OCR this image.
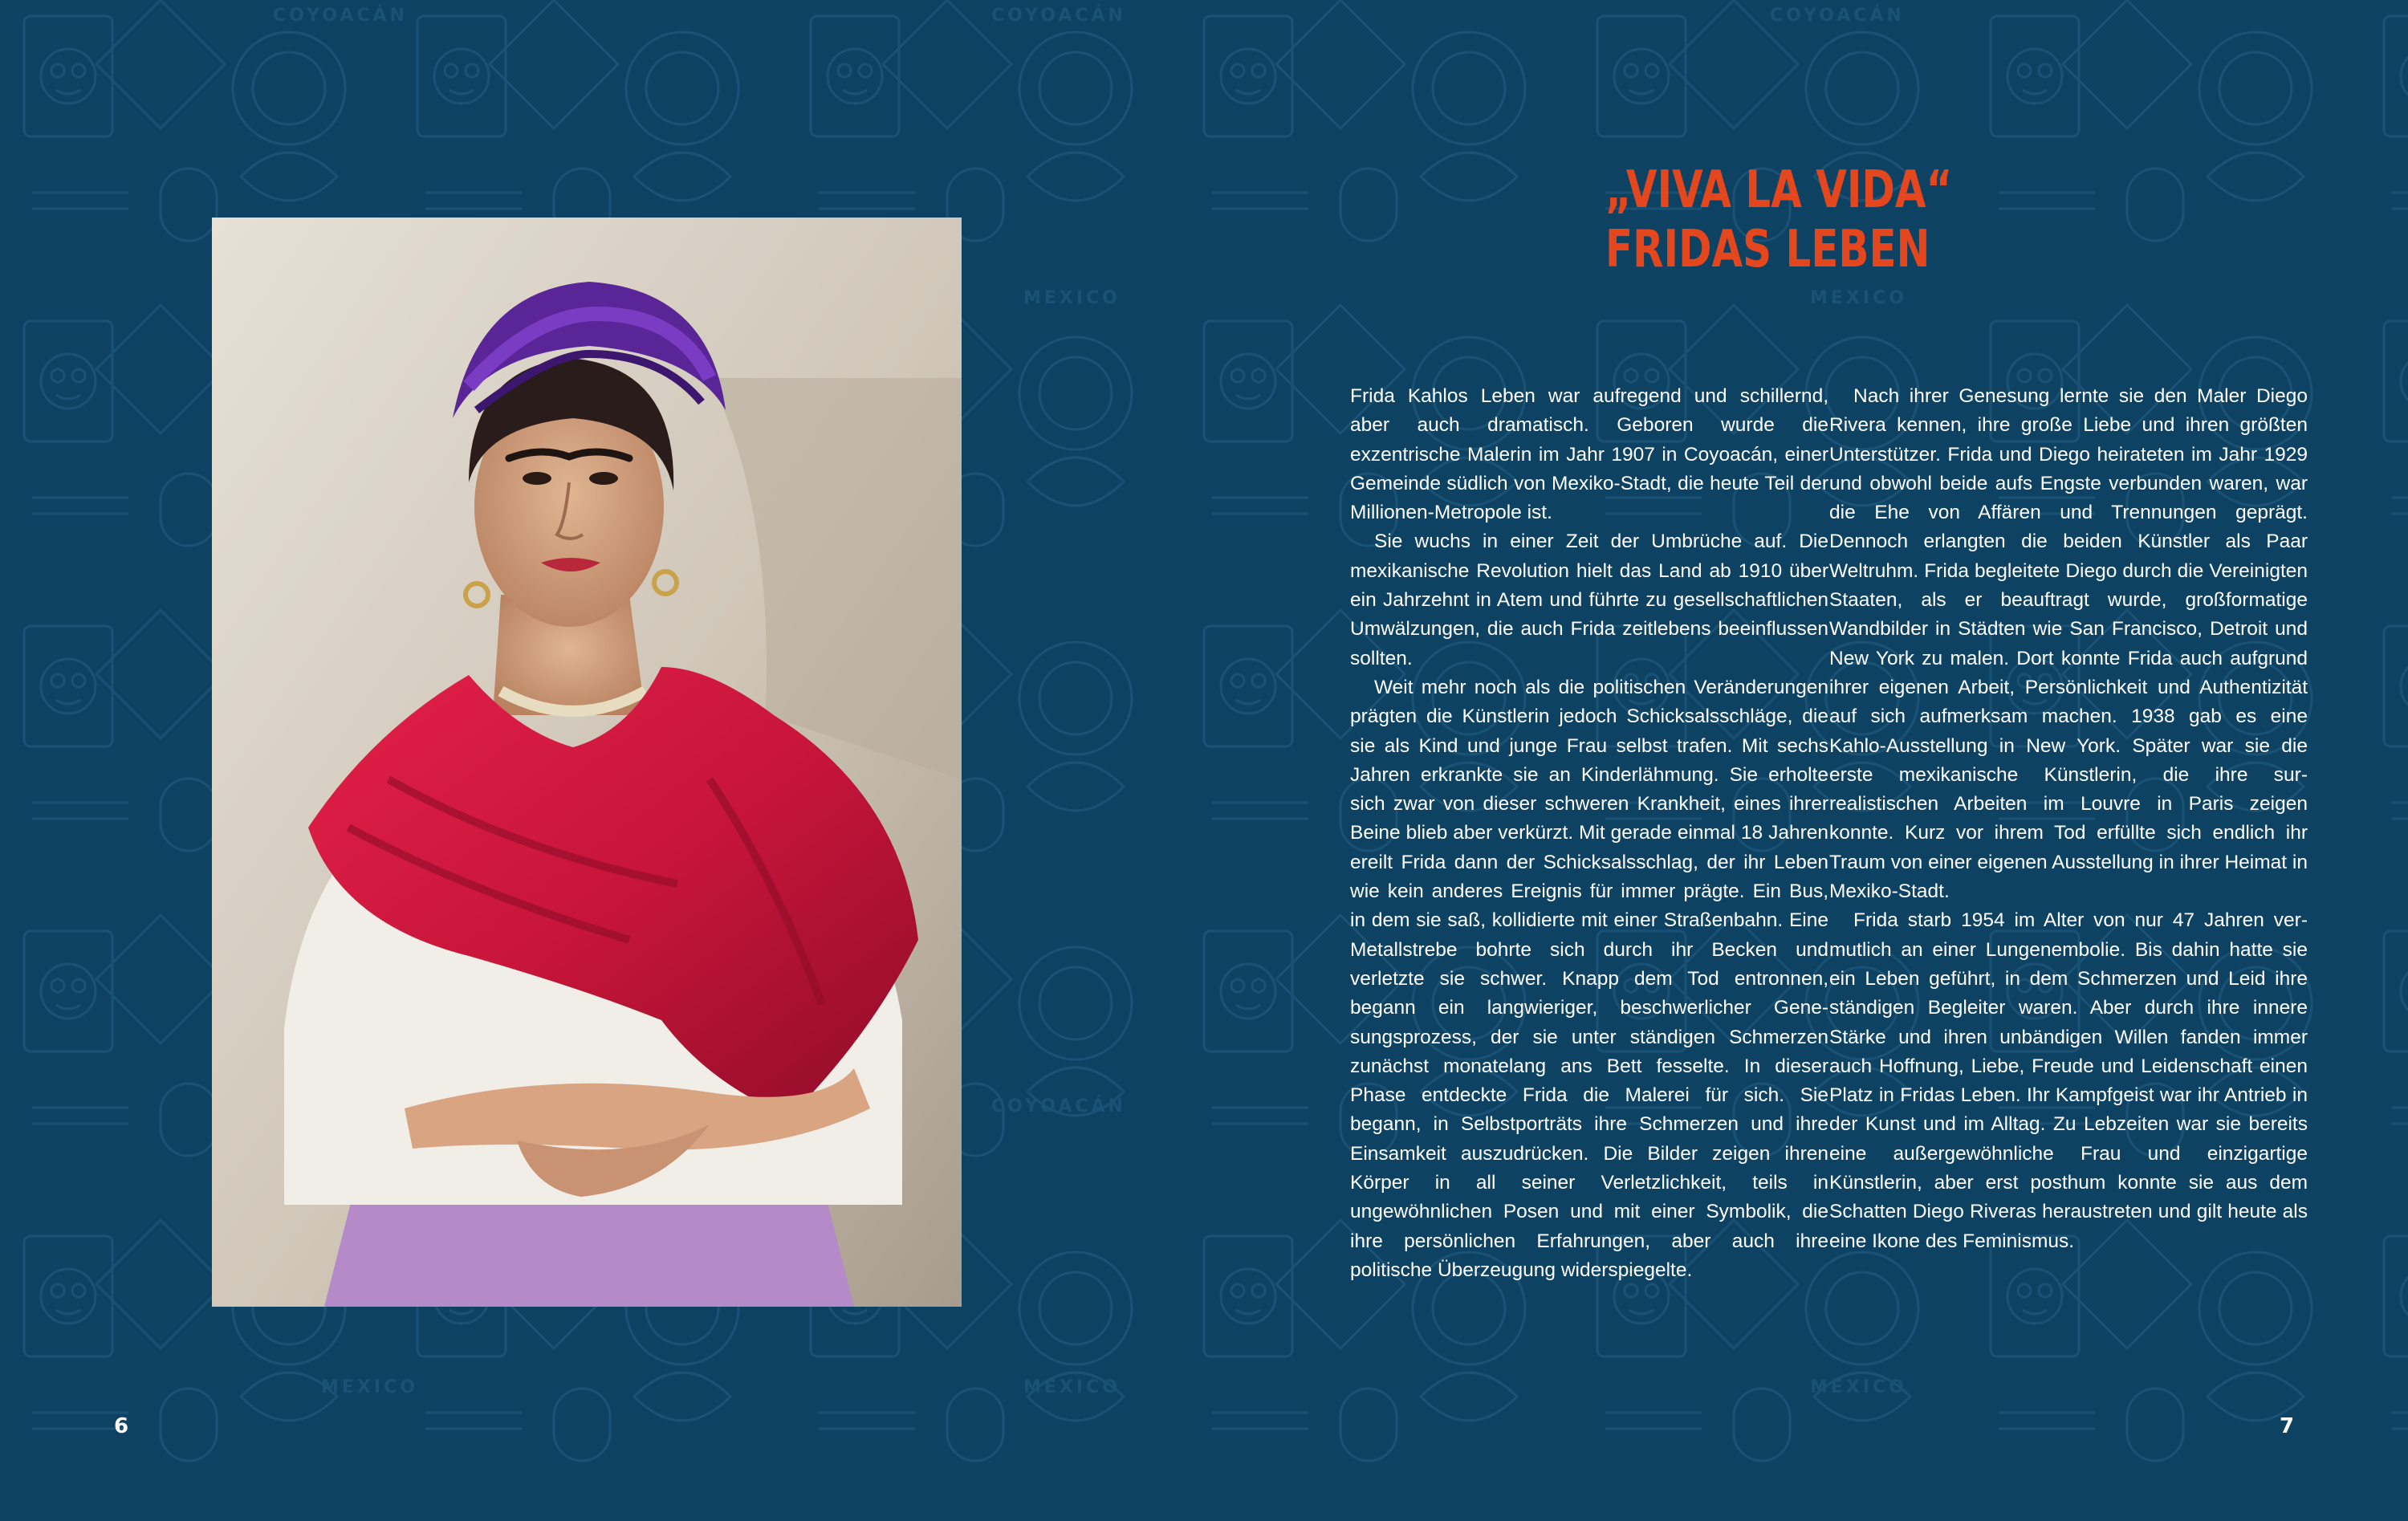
COYOACÁN	COYOACÁN	COYOACÁN
COYOACÁN
MEXICO	MEXICO
MEXICO	MEXICO	MEXICO
„VIVA LA VIDA“
FRIDAS LEBEN

Frida Kahlos Leben war aufregend und schillernd, aber auch dramatisch. Geboren wurde die exzentrische Malerin im Jahr 1907 in Coyoacán, einer Gemeinde südlich von Mexiko-Stadt, die heute Teil der Millionen-Metropole ist.

Sie wuchs in einer Zeit der Umbrüche auf. Die mexikanische Revolution hielt das Land ab 1910 über ein Jahrzehnt in Atem und führte zu gesellschaftlichen Umwälzungen, die auch Frida zeitlebens beeinflussen sollten.

Weit mehr noch als die politischen Veränderungen prägten die Künstlerin jedoch Schicksalsschläge, die sie als Kind und junge Frau selbst trafen. Mit sechs Jahren erkrankte sie an Kinderlähmung. Sie erholte sich zwar von dieser schweren Krankheit, eines ihrer Beine blieb aber verkürzt. Mit gerade einmal 18 Jahren ereilt Frida dann der Schicksalsschlag, der ihr Leben wie kein anderes Ereignis für immer prägte. Ein Bus, in dem sie saß, kollidierte mit einer Straßenbahn. Eine Metallstrebe bohrte sich durch ihr Becken und verletzte sie schwer. Knapp dem Tod entronnen, begann ein langwieriger, beschwerlicher Genesungsprozess, der sie unter ständigen Schmerzen zunächst monatelang ans Bett fesselte. In dieser Phase entdeckte Frida die Malerei für sich. Sie begann, in Selbstporträts ihre Schmerzen und ihre Einsamkeit auszudrücken. Die Bilder zeigen ihren Körper in all seiner Verletzlichkeit, teils in ungewöhnlichen Posen und mit einer Symbolik, die ihre persönlichen Erfahrungen, aber auch ihre politische Überzeugung widerspiegelte.

Nach ihrer Genesung lernte sie den Maler Diego Rivera kennen, ihre große Liebe und ihren größten Unterstützer. Frida und Diego heirateten im Jahr 1929 und obwohl beide aufs Engste verbunden waren, war die Ehe von Affären und Trennungen geprägt. Dennoch erlangten die beiden Künstler als Paar Weltruhm. Frida begleitete Diego durch die Vereinigten Staaten, als er beauftragt wurde, großformatige Wandbilder in Städten wie San Francisco, Detroit und New York zu malen. Dort konnte Frida auch aufgrund ihrer eigenen Arbeit, Persönlichkeit und Authentizität auf sich aufmerksam machen. 1938 gab es eine Kahlo-Ausstellung in New York. Später war sie die erste mexikanische Künstlerin, die ihre surrealistischen Arbeiten im Louvre in Paris zeigen konnte. Kurz vor ihrem Tod erfüllte sich endlich ihr Traum von einer eigenen Ausstellung in ihrer Heimat in Mexiko-Stadt.

Frida starb 1954 im Alter von nur 47 Jahren vermutlich an einer Lungenembolie. Bis dahin hatte sie ein Leben geführt, in dem Schmerzen und Leid ihre ständigen Begleiter waren. Aber durch ihre innere Stärke und ihren unbändigen Willen fanden immer auch Hoffnung, Liebe, Freude und Leidenschaft einen Platz in Fridas Leben. Ihr Kampfgeist war ihr Antrieb in der Kunst und im Alltag. Zu Lebzeiten war sie bereits eine außergewöhnliche Frau und einzigartige Künstlerin, aber erst posthum konnte sie aus dem Schatten Diego Riveras heraustreten und gilt heute als eine Ikone des Feminismus.

6	7
